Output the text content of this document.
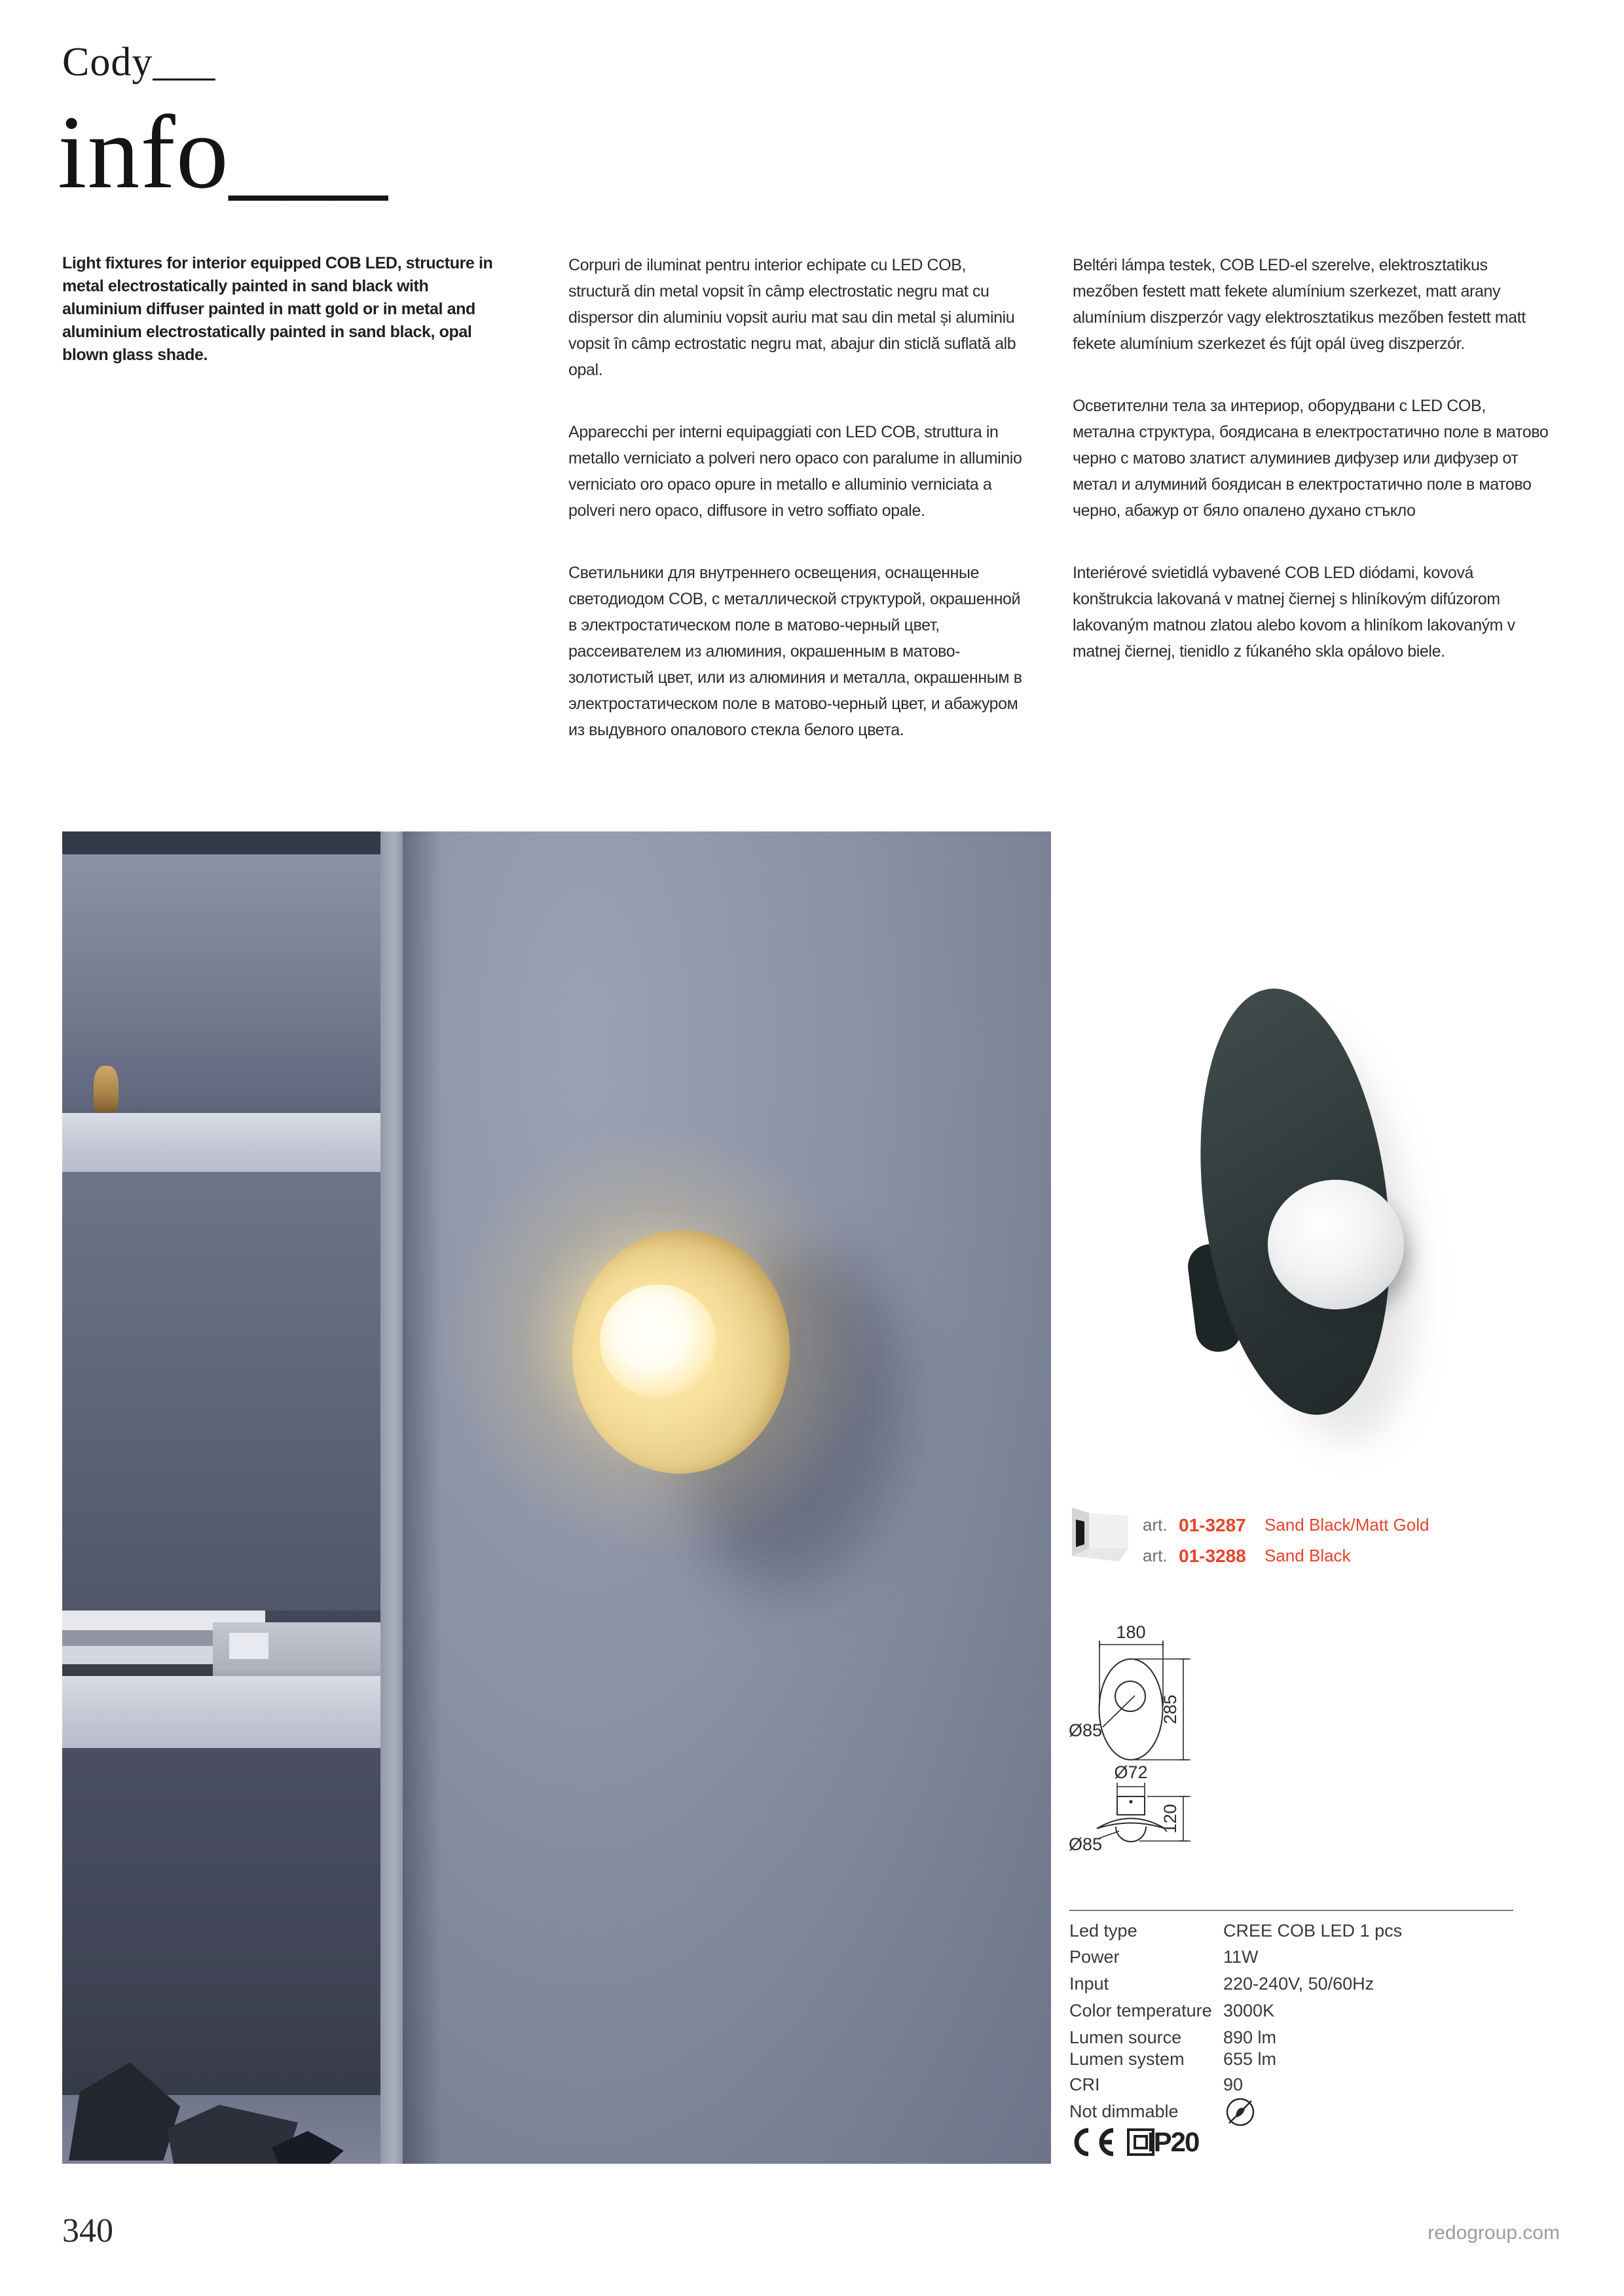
Cody___
info___

Light fixtures for interior equipped COB LED, structure in metal electrostatically painted in sand black with aluminium diffuser painted in matt gold or in metal and aluminium electrostatically painted in sand black, opal blown glass shade.

Corpuri de iluminat pentru interior echipate cu LED COB, structură din metal vopsit în câmp electrostatic negru mat cu dispersor din aluminiu vopsit auriu mat sau din metal și aluminiu vopsit în câmp ectrostatic negru mat, abajur din sticlă suflată alb opal.

Apparecchi per interni equipaggiati con LED COB, struttura in metallo verniciato a polveri nero opaco con paralume in alluminio verniciato oro opaco opure in metallo e alluminio verniciata a polveri nero opaco, diffusore in vetro soffiato opale.

Светильники для внутреннего освещения, оснащенные светодиодом COB, с металлической структурой, окрашенной в электростатическом поле в матово-черный цвет, рассеивателем из алюминия, окрашенным в матово-золотистый цвет, или из алюминия и металла, окрашенным в электростатическом поле в матово-черный цвет, и абажуром из выдувного опалового стекла белого цвета.

Beltéri lámpa testek, COB LED-el szerelve, elektrosztatikus mezőben festett matt fekete alumínium szerkezet, matt arany alumínium diszperzór vagy elektrosztatikus mezőben festett matt fekete alumínium szerkezet és fújt opál üveg diszperzór.

Осветителни тела за интериор, оборудвани с LED COB, метална структура, боядисана в електростатично поле в матово черно с матово златист алуминиев дифузер или дифузер от метал и алуминий боядисан в електростатично поле в матово черно, абажур от бяло опалено духано стъкло

Interiérové svietidlá vybavené COB LED diódami, kovová konštrukcia lakovaná v matnej čiernej s hliníkovým difúzorom lakovaným matnou zlatou alebo kovom a hliníkom lakovaným v matnej čiernej, tienidlo z fúkaného skla opálovo biele.

art. 01-3287 Sand Black/Matt Gold
art. 01-3288 Sand Black
180
285
Ø85
Ø72
120
Ø85
Led type	CREE COB LED 1 pcs
Power	11W
Input	220-240V, 50/60Hz
Color temperature 3000K
Lumen source 890 lm
Lumen system 655 lm
CRI	90
Not dimmable

IP20
340	redogroup.com
